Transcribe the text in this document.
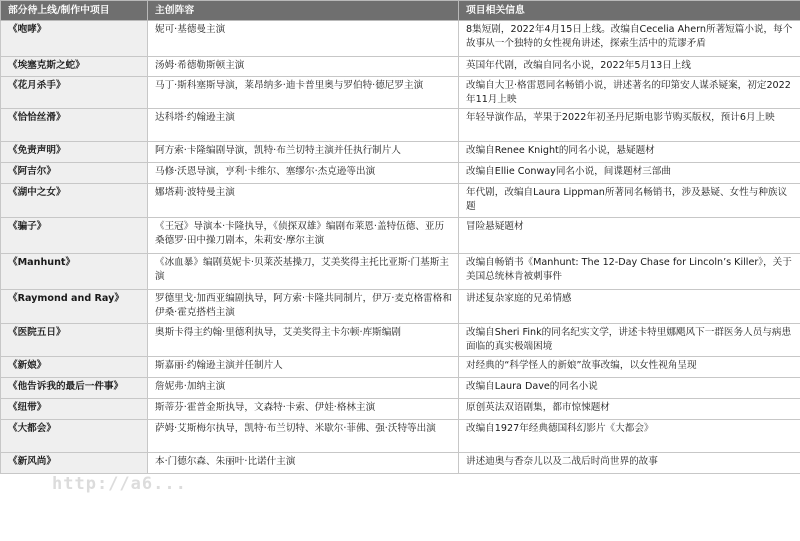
部分待上线/制作中项目	主创阵容	项目相关信息
《咆哮》	妮可·基德曼主演	8集短剧，2022年4月15日上线。改编自Cecelia Ahern所著短篇小说，每个故事从一个独特的女性视角讲述，探索生活中的荒谬矛盾
《埃塞克斯之蛇》	汤姆·希德勒斯顿主演	英国年代剧，改编自同名小说，2022年5月13日上线
《花月杀手》	马丁·斯科塞斯导演，莱昂纳多·迪卡普里奥与罗伯特·德尼罗主演	改编自大卫·格雷恩同名畅销小说，讲述著名的印第安人谋杀疑案，初定2022年11月上映
《恰恰丝滑》	达科塔·约翰逊主演	年轻导演作品，苹果于2022年初圣丹尼斯电影节购买版权，预计6月上映
《免责声明》	阿方索·卡隆编剧导演，凯特·布兰切特主演并任执行制片人	改编自Renee Knight的同名小说，悬疑题材
《阿吉尔》	马修·沃恩导演，亨利·卡维尔、塞缪尔·杰克逊等出演	改编自Ellie Conway同名小说，间谍题材三部曲
《湖中之女》	娜塔莉·波特曼主演	年代剧，改编自Laura Lippman所著同名畅销书，涉及悬疑、女性与种族议题
《骗子》	《王冠》导演本·卡隆执导，《侦探双雄》编剧布莱恩·盖特伍德、亚历桑德罗·田中操刀剧本，朱莉安·摩尔主演	冒险悬疑题材
《Manhunt》	《冰血暴》编剧莫妮卡·贝莱茨基操刀，艾美奖得主托比亚斯·门基斯主演	改编自畅销书《Manhunt: The 12-Day Chase for Lincoln’s Killer》，关于美国总统林肯被刺事件
《Raymond and Ray》	罗德里戈·加西亚编剧执导，阿方索·卡隆共同制片，伊万·麦克格雷格和伊桑·霍克搭档主演	讲述复杂家庭的兄弟情感
《医院五日》	奥斯卡得主约翰·里德利执导，艾美奖得主卡尔顿·库斯编剧	改编自Sheri Fink的同名纪实文学，讲述卡特里娜飓风下一群医务人员与病患面临的真实极端困境
《新娘》	斯嘉丽·约翰逊主演并任制片人	对经典的“科学怪人的新娘”故事改编，以女性视角呈现
《他告诉我的最后一件事》	詹妮弗·加纳主演	改编自Laura Dave的同名小说
《纽带》	斯蒂芬·霍普金斯执导，文森特·卡索、伊娃·格林主演	原创英法双语剧集，都市惊悚题材
《大都会》	萨姆·艾斯梅尔执导，凯特·布兰切特、米歇尔·菲佛、强·沃特等出演	改编自1927年经典德国科幻影片《大都会》
《新风尚》	本·门德尔森、朱丽叶·比诺什主演	讲述迪奥与香奈儿以及二战后时尚世界的故事
http://a6...
